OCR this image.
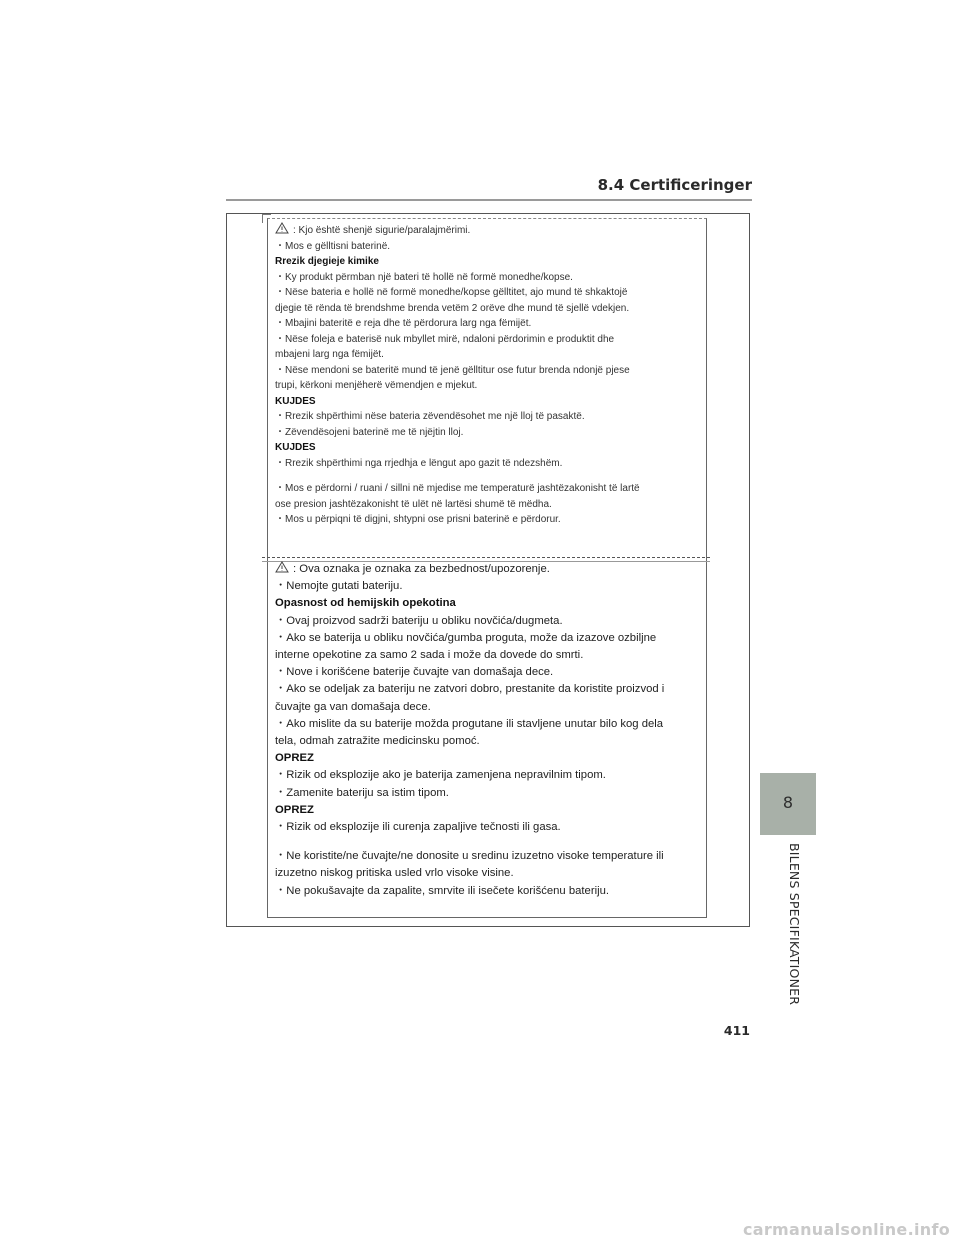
8.4 Certificeringer
: Kjo është shenjë sigurie/paralajmërimi.
・Mos e gëlltisni baterinë.
Rrezik djegieje kimike
・Ky produkt përmban një bateri të hollë në formë monedhe/kopse.
・Nëse bateria e hollë në formë monedhe/kopse gëlltitet, ajo mund të shkaktojë
djegie të rënda të brendshme brenda vetëm 2 orëve dhe mund të sjellë vdekjen.
・Mbajini bateritë e reja dhe të përdorura larg nga fëmijët.
・Nëse foleja e baterisë nuk mbyllet mirë, ndaloni përdorimin e produktit dhe
mbajeni larg nga fëmijët.
・Nëse mendoni se bateritë mund të jenë gëlltitur ose futur brenda ndonjë pjese
trupi, kërkoni menjëherë vëmendjen e mjekut.
KUJDES
・Rrezik shpërthimi nëse bateria zëvendësohet me një lloj të pasaktë.
・Zëvendësojeni baterinë me të njëjtin lloj.
KUJDES
・Rrezik shpërthimi nga rrjedhja e lëngut apo gazit të ndezshëm.
・Mos e përdorni / ruani / sillni në mjedise me temperaturë jashtëzakonisht të lartë
ose presion jashtëzakonisht të ulët në lartësi shumë të mëdha.
・Mos u përpiqni të digjni, shtypni ose prisni baterinë e përdorur.
: Ova oznaka je oznaka za bezbednost/upozorenje.
・Nemojte gutati bateriju.
Opasnost od hemijskih opekotina
・Ovaj proizvod sadrži bateriju u obliku novčića/dugmeta.
・Ako se baterija u obliku novčića/gumba proguta, može da izazove ozbiljne
interne opekotine za samo 2 sada i može da dovede do smrti.
・Nove i korišćene baterije čuvajte van domašaja dece.
・Ako se odeljak za bateriju ne zatvori dobro, prestanite da koristite proizvod i
čuvajte ga van domašaja dece.
・Ako mislite da su baterije možda progutane ili stavljene unutar bilo kog dela
tela, odmah zatražite medicinsku pomoć.
OPREZ
・Rizik od eksplozije ako je baterija zamenjena nepravilnim tipom.
・Zamenite bateriju sa istim tipom.
OPREZ
・Rizik od eksplozije ili curenja zapaljive tečnosti ili gasa.
・Ne koristite/ne čuvajte/ne donosite u sredinu izuzetno visoke temperature ili
izuzetno niskog pritiska usled vrlo visoke visine.
・Ne pokušavajte da zapalite, smrvite ili isečete korišćenu bateriju.
8
BILENS SPECIFIKATIONER
411
carmanualsonline.info
